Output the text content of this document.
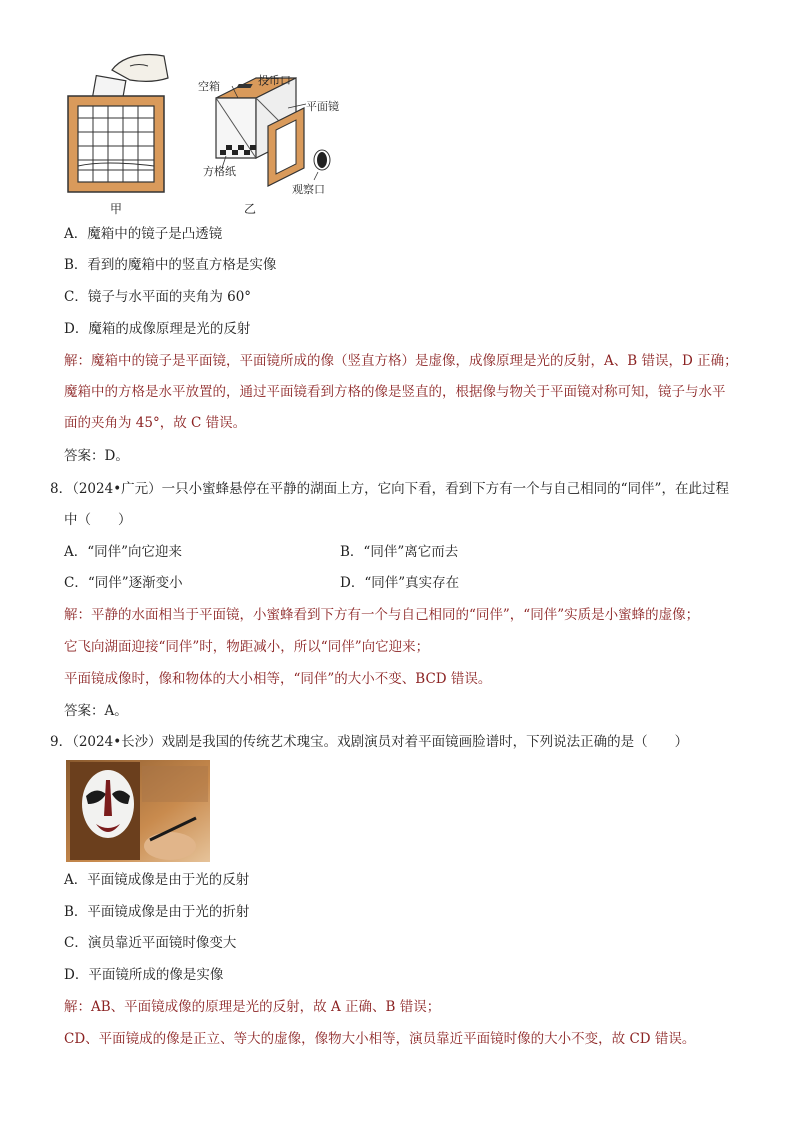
甲
空箱	投币口
平面镜
方格纸
观察口
乙
A．魔箱中的镜子是凸透镜
B．看到的魔箱中的竖直方格是实像
C．镜子与水平面的夹角为 60°
D．魔箱的成像原理是光的反射
解：魔箱中的镜子是平面镜，平面镜所成的像（竖直方格）是虚像，成像原理是光的反射，A、B 错误，D 正确；
魔箱中的方格是水平放置的，通过平面镜看到方格的像是竖直的，根据像与物关于平面镜对称可知，镜子与水平
面的夹角为 45°，故 C 错误。
答案：D。
8．（2024•广元）一只小蜜蜂悬停在平静的湖面上方，它向下看，看到下方有一个与自己相同的“同伴”，在此过程
中（　　）
A．“同伴”向它迎来	B．“同伴”离它而去
C．“同伴”逐渐变小	D．“同伴”真实存在
解：平静的水面相当于平面镜，小蜜蜂看到下方有一个与自己相同的“同伴”，“同伴”实质是小蜜蜂的虚像；
它飞向湖面迎接“同伴”时，物距减小，所以“同伴”向它迎来；
平面镜成像时，像和物体的大小相等，“同伴”的大小不变、BCD 错误。
答案：A。
9．（2024•长沙）戏剧是我国的传统艺术瑰宝。戏剧演员对着平面镜画脸谱时，下列说法正确的是（　　）
A．平面镜成像是由于光的反射
B．平面镜成像是由于光的折射
C．演员靠近平面镜时像变大
D．平面镜所成的像是实像
解：AB、平面镜成像的原理是光的反射，故 A 正确、B 错误；
CD、平面镜成的像是正立、等大的虚像，像物大小相等，演员靠近平面镜时像的大小不变，故 CD 错误。
